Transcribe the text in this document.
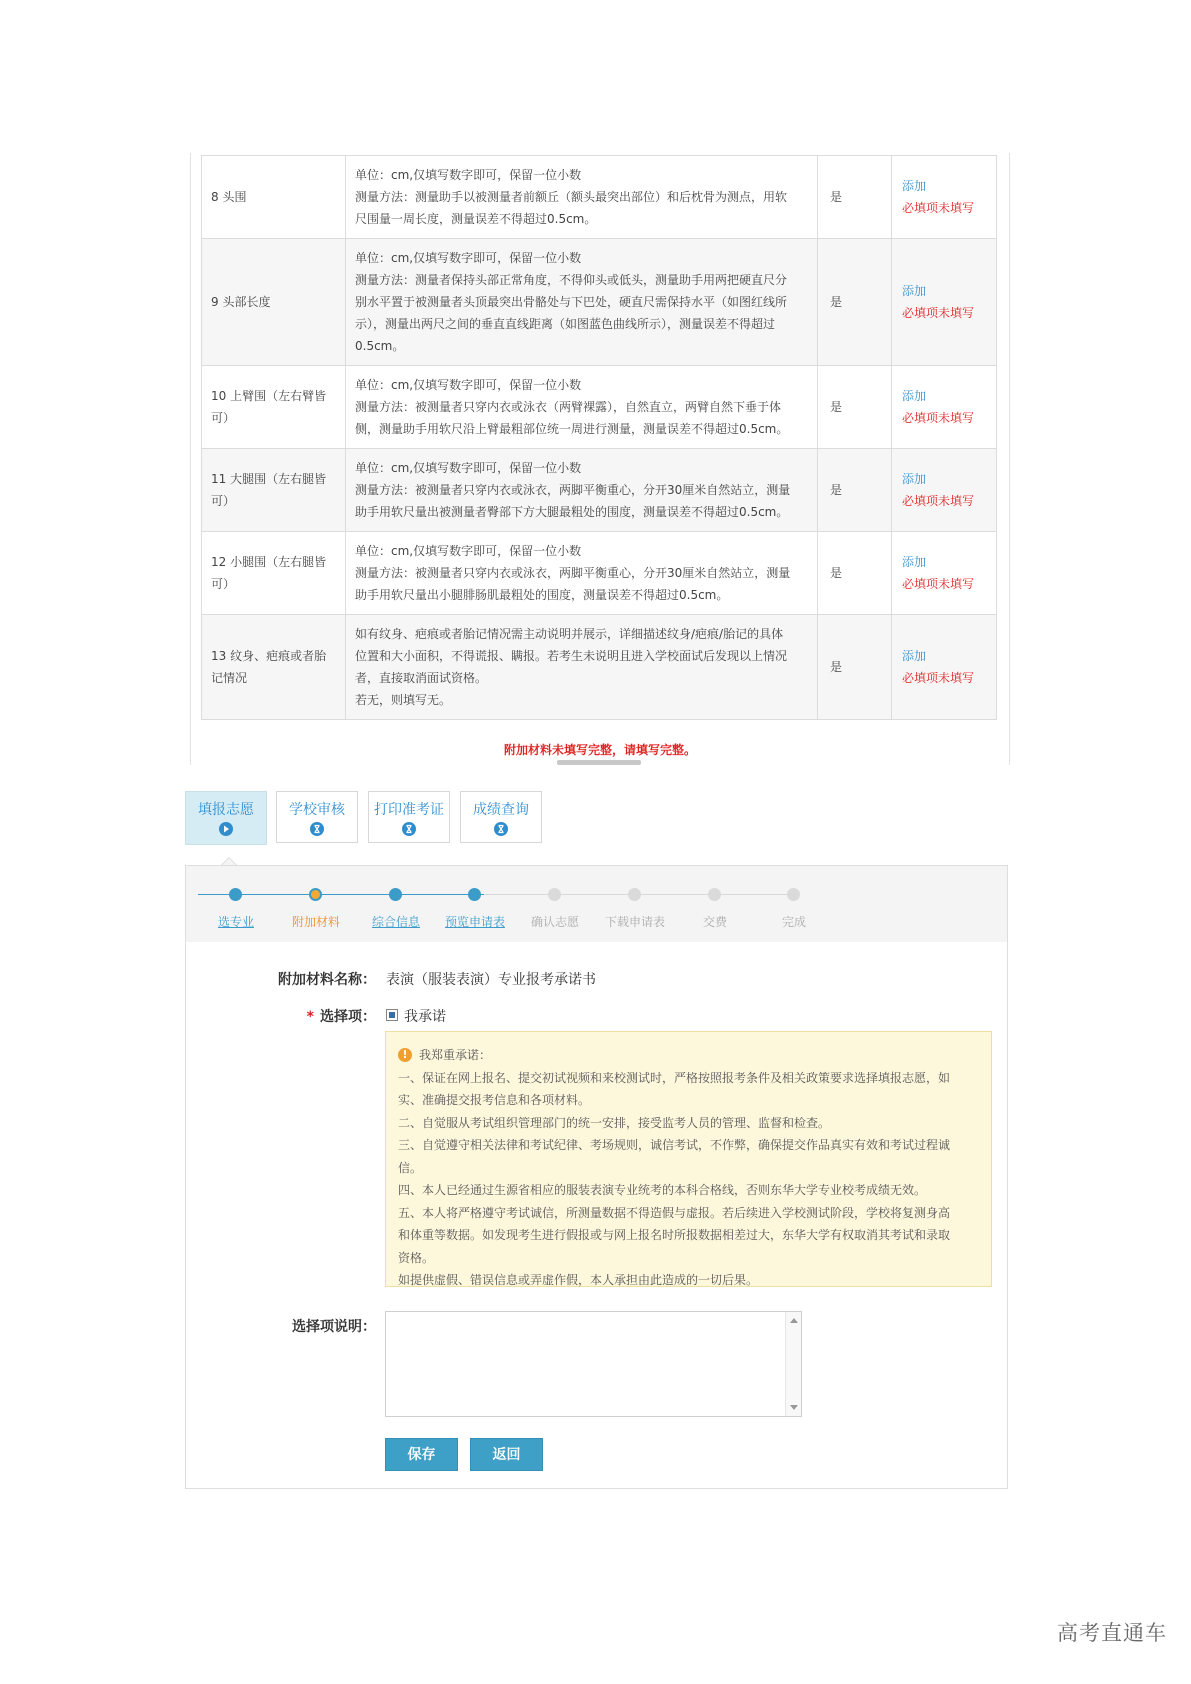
8 头围	单位：cm,仅填写数字即可，保留一位小数
测量方法：测量助手以被测量者前额丘（额头最突出部位）和后枕骨为测点，用软
尺围量一周长度，测量误差不得超过0.5cm。	是	添加
必填项未填写

9 头部长度	单位：cm,仅填写数字即可，保留一位小数
测量方法：测量者保持头部正常角度，不得仰头或低头，测量助手用两把硬直尺分
别水平置于被测量者头顶最突出骨骼处与下巴处，硬直尺需保持水平（如图红线所
示），测量出两尺之间的垂直直线距离（如图蓝色曲线所示），测量误差不得超过
0.5cm。	是	添加
必填项未填写

10 上臂围（左右臂皆可）	单位：cm,仅填写数字即可，保留一位小数
测量方法：被测量者只穿内衣或泳衣（两臂裸露），自然直立，两臂自然下垂于体
侧，测量助手用软尺沿上臂最粗部位统一周进行测量，测量误差不得超过0.5cm。	是	添加
必填项未填写

11 大腿围（左右腿皆可）	单位：cm,仅填写数字即可，保留一位小数
测量方法：被测量者只穿内衣或泳衣，两脚平衡重心，分开30厘米自然站立，测量
助手用软尺量出被测量者臀部下方大腿最粗处的围度，测量误差不得超过0.5cm。	是	添加
必填项未填写

12 小腿围（左右腿皆可）	单位：cm,仅填写数字即可，保留一位小数
测量方法：被测量者只穿内衣或泳衣，两脚平衡重心，分开30厘米自然站立，测量
助手用软尺量出小腿腓肠肌最粗处的围度，测量误差不得超过0.5cm。	是	添加
必填项未填写

13 纹身、疤痕或者胎记情况	如有纹身、疤痕或者胎记情况需主动说明并展示，详细描述纹身/疤痕/胎记的具体
位置和大小面积，不得谎报、瞒报。若考生未说明且进入学校面试后发现以上情况
者，直接取消面试资格。
若无，则填写无。	是	添加
必填项未填写
附加材料未填写完整，请填写完整。
填报志愿	学校审核	打印准考证	成绩查询
选专业	附加材料	综合信息	预览申请表	确认志愿	下载申请表	交费	完成
附加材料名称： 表演（服装表演）专业报考承诺书
* 选择项： 我承诺
! 我郑重承诺：
一、保证在网上报名、提交初试视频和来校测试时，严格按照报考条件及相关政策要求选择填报志愿，如
实、准确提交报考信息和各项材料。
二、自觉服从考试组织管理部门的统一安排，接受监考人员的管理、监督和检查。
三、自觉遵守相关法律和考试纪律、考场规则，诚信考试，不作弊，确保提交作品真实有效和考试过程诚
信。
四、本人已经通过生源省相应的服装表演专业统考的本科合格线，否则东华大学专业校考成绩无效。
五、本人将严格遵守考试诚信，所测量数据不得造假与虚报。若后续进入学校测试阶段，学校将复测身高
和体重等数据。如发现考生进行假报或与网上报名时所报数据相差过大，东华大学有权取消其考试和录取
资格。
如提供虚假、错误信息或弄虚作假，本人承担由此造成的一切后果。
选择项说明：
保存	返回
高考直通车
